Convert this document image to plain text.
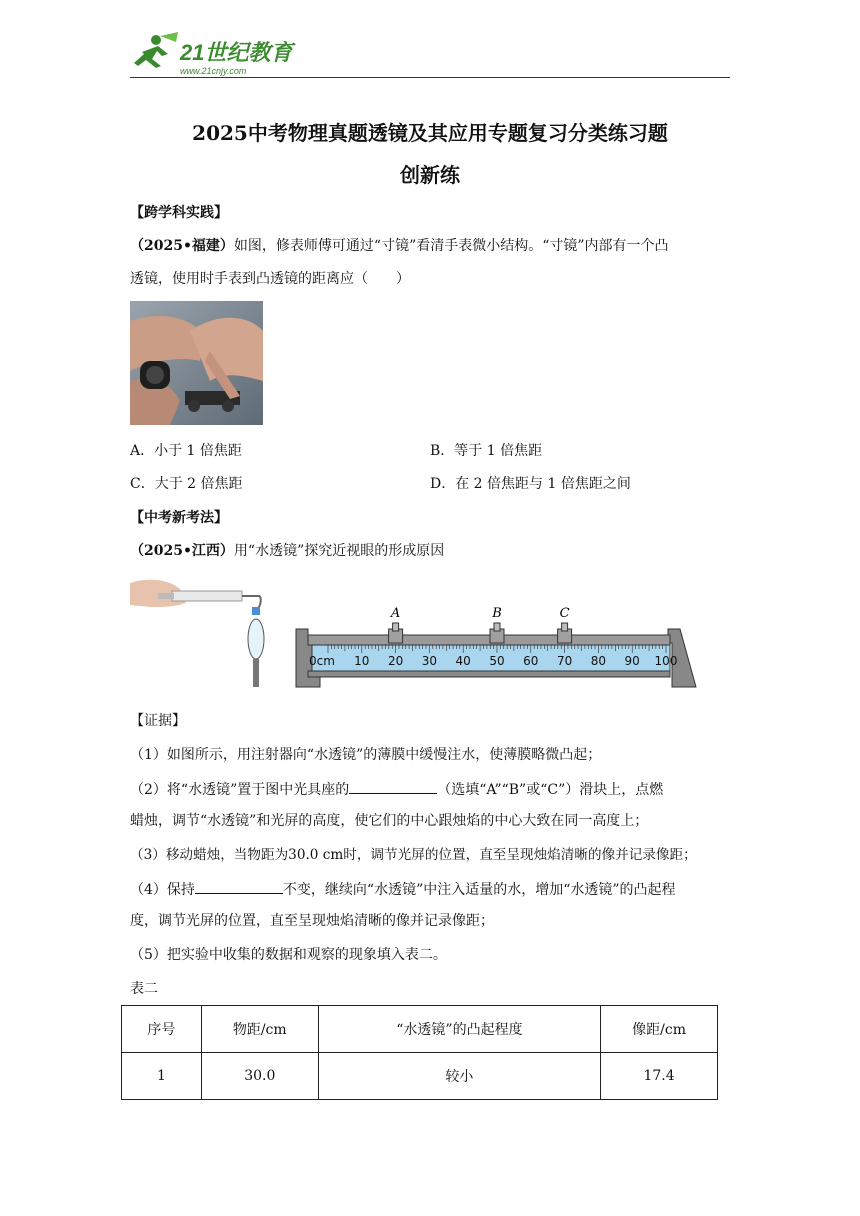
21世纪教育
www.21cnjy.com
2025中考物理真题透镜及其应用专题复习分类练习题
创新练
【跨学科实践】
（2025•福建）如图，修表师傅可通过“寸镜”看清手表微小结构。“寸镜”内部有一个凸
透镜，使用时手表到凸透镜的距离应（　　）
A．小于 1 倍焦距	B．等于 1 倍焦距
C．大于 2 倍焦距	D．在 2 倍焦距与 1 倍焦距之间
【中考新考法】
（2025•江西）用“水透镜”探究近视眼的形成原因
0cm 10 20 30 40 50 60 70 80 90 100
A	B	C
【证据】
（1）如图所示，用注射器向“水透镜”的薄膜中缓慢注水，使薄膜略微凸起；
（2）将“水透镜”置于图中光具座的	（选填“A”“B”或“C”）滑块上，点燃
蜡烛，调节“水透镜”和光屏的高度，使它们的中心跟烛焰的中心大致在同一高度上；
（3）移动蜡烛，当物距为30.0 cm时，调节光屏的位置，直至呈现烛焰清晰的像并记录像距；
（4）保持	不变，继续向“水透镜”中注入适量的水，增加“水透镜”的凸起程
度，调节光屏的位置，直至呈现烛焰清晰的像并记录像距；
（5）把实验中收集的数据和观察的现象填入表二。
表二
序号	物距/cm	“水透镜”的凸起程度	像距/cm
1	30.0	较小	17.4
